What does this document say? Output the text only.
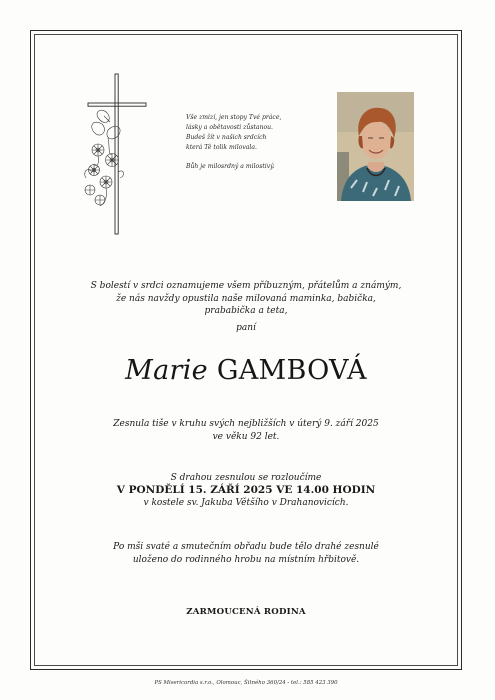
Vše zmizí, jen stopy Tvé práce,
lásky a obětavosti zůstanou.
Budeš žít v našich srdcích
která Tě tolik milovala.
Bůh je milosrdný a milostivý.
S bolestí v srdci oznamujeme všem příbuzným, přátelům a známým,
že nás navždy opustila naše milovaná maminka, babička,
prababička a teta,
paní
Marie GAMBOVÁ
Zesnula tiše v kruhu svých nejbližších v úterý 9. září 2025
ve věku 92 let.
S drahou zesnulou se rozloučíme
V PONDĚLÍ 15. ZÁŘÍ 2025 VE 14.00 HODIN
v kostele sv. Jakuba Většího v Drahanovicích.
Po mši svaté a smutečním obřadu bude tělo drahé zesnulé
uloženo do rodinného hrobu na místním hřbitově.
ZARMOUCENÁ RODINA
PS Misericordia s.r.o., Olomouc, Šitného 360/24 - tel.: 585 423 390
